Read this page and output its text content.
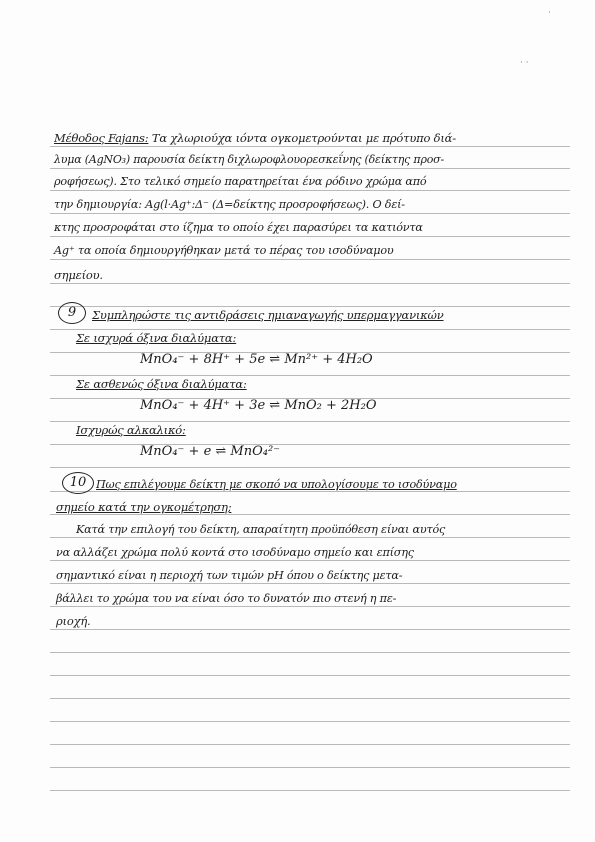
·
· ·
Μέθοδος Fajans: Τα χλωριούχα ιόντα ογκομετρούνται με πρότυπο διά-
λυμα (AgNO₃) παρουσία δείκτη διχλωροφλουορεσκεΐνης (δείκτης προσ-
ροφήσεως). Στο τελικό σημείο παρατηρείται ένα ρόδινο χρώμα από
την δημιουργία: Ag(l·Ag⁺:Δ⁻ (Δ=δείκτης προσροφήσεως). Ο δεί-
κτης προσροφάται στο ίζημα το οποίο έχει παρασύρει τα κατιόντα
Ag⁺ τα οποία δημιουργήθηκαν μετά το πέρας του ισοδύναμου
σημείου.
9	Συμπληρώστε τις αντιδράσεις ημιαναγωγής υπερμαγγανικών
Σε ισχυρά όξινα διαλύματα:
MnO₄⁻ + 8H⁺ + 5e ⇌ Mn²⁺ + 4H₂O
Σε ασθενώς όξινα διαλύματα:
MnO₄⁻ + 4H⁺ + 3e ⇌ MnO₂ + 2H₂O
Ισχυρώς αλκαλικό:
MnO₄⁻ + e ⇌ MnO₄²⁻
10 Πως επιλέγουμε δείκτη με σκοπό να υπολογίσουμε το ισοδύναμο
σημείο κατά την ογκομέτρηση;
Κατά την επιλογή του δείκτη, απαραίτητη προϋπόθεση είναι αυτός
να αλλάζει χρώμα πολύ κοντά στο ισοδύναμο σημείο και επίσης
σημαντικό είναι η περιοχή των τιμών pH όπου ο δείκτης μετα-
βάλλει το χρώμα του να είναι όσο το δυνατόν πιο στενή η πε-
ριοχή.
